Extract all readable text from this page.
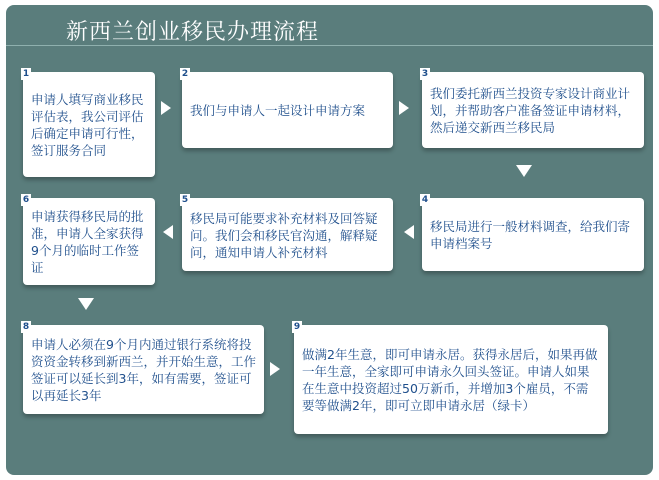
新西兰创业移民办理流程
申请人填写商业移民评估表，我公司评估后确定申请可行性，签订服务合同
1
我们与申请人一起设计申请方案
2
我们委托新西兰投资专家设计商业计划，并帮助客户准备签证申请材料，然后递交新西兰移民局
3
申请获得移民局的批准，申请人全家获得9个月的临时工作签证
6
移民局可能要求补充材料及回答疑问。我们会和移民官沟通，解释疑问，通知申请人补充材料
5
移民局进行一般材料调查，给我们寄申请档案号
4
申请人必须在9个月内通过银行系统将投资资金转移到新西兰，并开始生意，工作签证可以延长到3年，如有需要，签证可以再延长3年
8
做满2年生意，即可申请永居。获得永居后，如果再做一年生意，全家即可申请永久回头签证。申请人如果在生意中投资超过50万新币，并增加3个雇员，不需要等做满2年，即可立即申请永居（绿卡）
9
